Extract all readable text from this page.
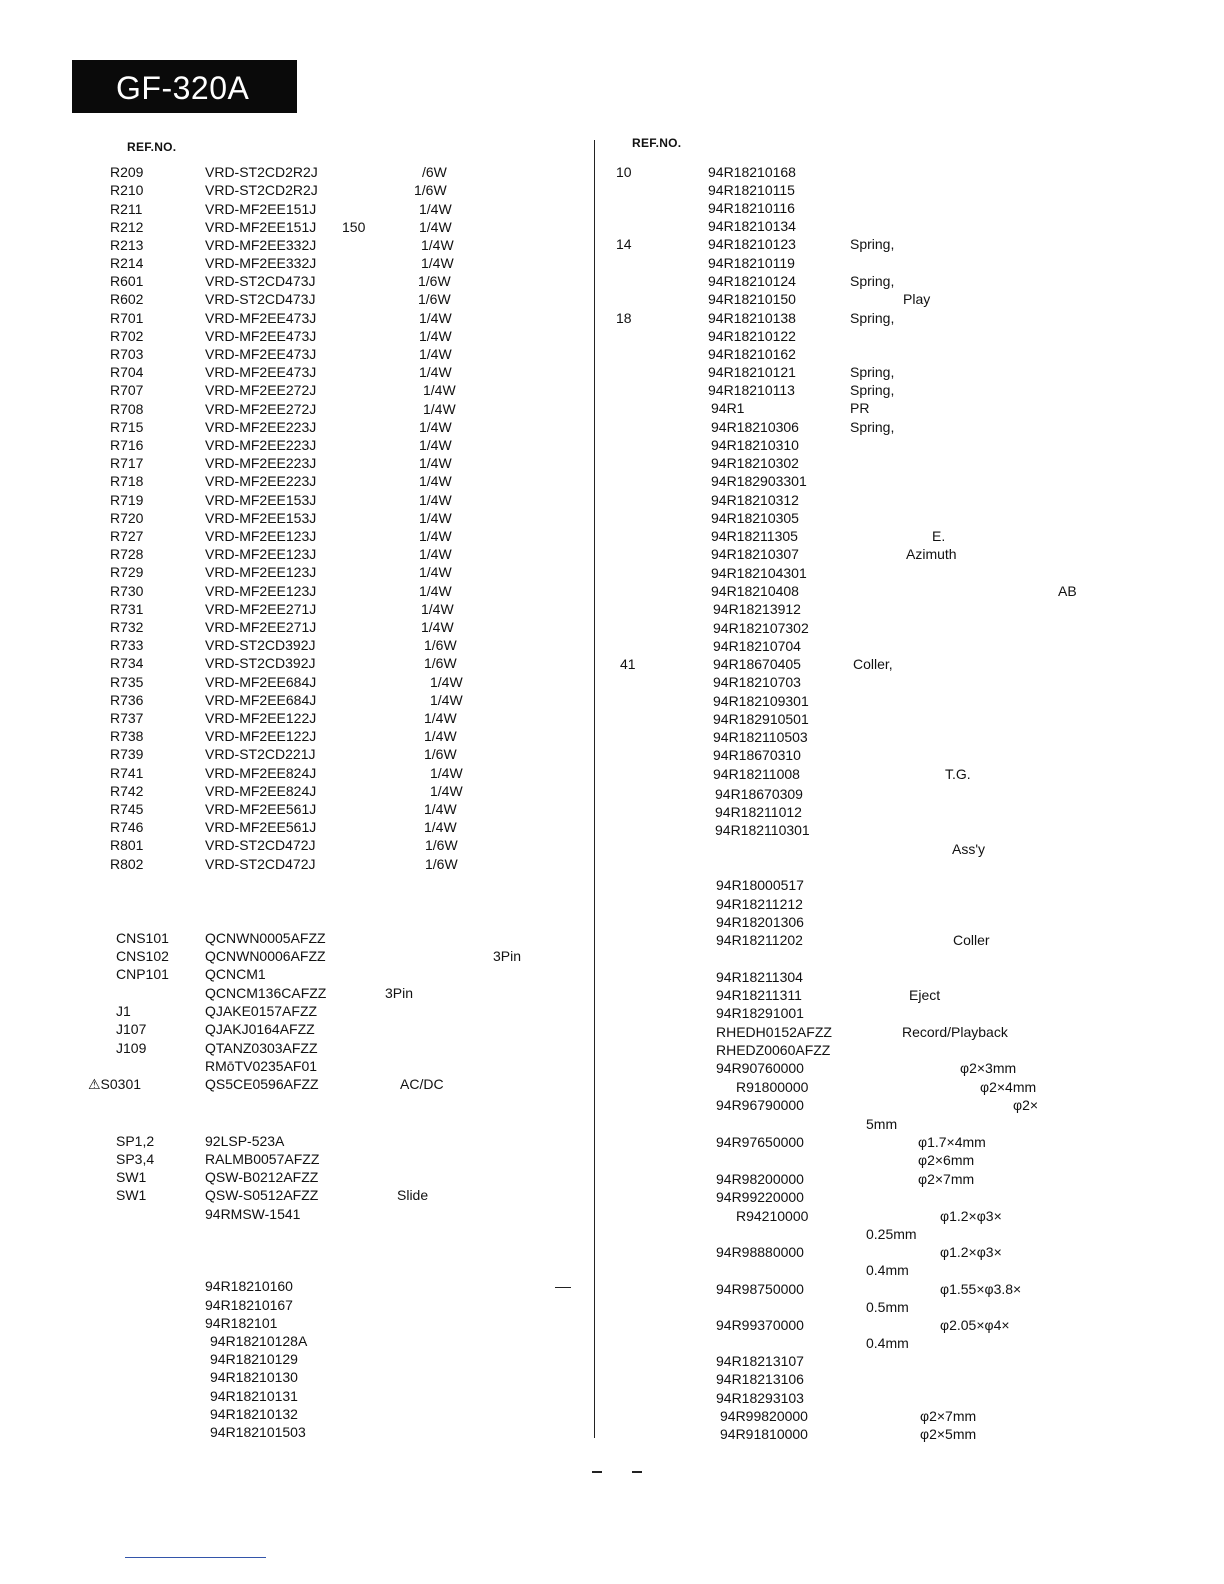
GF-320A
REF.NO.	REF.NO.
R209	VRD-ST2CD2R2J	/6W
R210	VRD-ST2CD2R2J	1/6W
R211	VRD-MF2EE151J	1/4W
R212	VRD-MF2EE151J 150	1/4W
R213	VRD-MF2EE332J	1/4W
R214	VRD-MF2EE332J	1/4W
R601	VRD-ST2CD473J	1/6W
R602	VRD-ST2CD473J	1/6W
R701	VRD-MF2EE473J	1/4W
R702	VRD-MF2EE473J	1/4W
R703	VRD-MF2EE473J	1/4W
R704	VRD-MF2EE473J	1/4W
R707	VRD-MF2EE272J	1/4W
R708	VRD-MF2EE272J	1/4W
R715	VRD-MF2EE223J	1/4W
R716	VRD-MF2EE223J	1/4W
R717	VRD-MF2EE223J	1/4W
R718	VRD-MF2EE223J	1/4W
R719	VRD-MF2EE153J	1/4W
R720	VRD-MF2EE153J	1/4W
R727	VRD-MF2EE123J	1/4W
R728	VRD-MF2EE123J	1/4W
R729	VRD-MF2EE123J	1/4W
R730	VRD-MF2EE123J	1/4W
R731	VRD-MF2EE271J	1/4W
R732	VRD-MF2EE271J	1/4W
R733	VRD-ST2CD392J	1/6W
R734	VRD-ST2CD392J	1/6W
R735	VRD-MF2EE684J	1/4W
R736	VRD-MF2EE684J	1/4W
R737	VRD-MF2EE122J	1/4W
R738	VRD-MF2EE122J	1/4W
R739	VRD-ST2CD221J	1/6W
R741	VRD-MF2EE824J	1/4W
R742	VRD-MF2EE824J	1/4W
R745	VRD-MF2EE561J	1/4W
R746	VRD-MF2EE561J	1/4W
R801	VRD-ST2CD472J	1/6W
R802	VRD-ST2CD472J	1/6W
CNS101	QCNWN0005AFZZ
CNS102	QCNWN0006AFZZ	3Pin
CNP101	QCNCM1
QCNCM136CAFZZ	3Pin
J1	QJAKE0157AFZZ
J107	QJAKJ0164AFZZ
J109	QTANZ0303AFZZ
RMōTV0235AF01
⚠S0301	QS5CE0596AFZZ	AC/DC
SP1,2	92LSP-523A
SP3,4	RALMB0057AFZZ
SW1	QSW-B0212AFZZ
SW1	QSW-S0512AFZZ	Slide
94RMSW-1541
94R18210160
94R18210167
94R182101
94R18210128A
94R18210129
94R18210130
94R18210131
94R18210132
94R182101503
10	94R18210168
94R18210115
94R18210116
94R18210134
14	94R18210123	Spring,
94R18210119
94R18210124	Spring,
94R18210150	Play
18	94R18210138	Spring,
94R18210122
94R18210162
94R18210121	Spring,
94R18210113	Spring,
94R1	PR
94R18210306	Spring,
94R18210310
94R18210302
94R182903301
94R18210312
94R18210305
94R18211305	E.
94R18210307	Azimuth
94R182104301
94R18210408	AB
94R18213912
94R182107302
94R18210704
41	94R18670405	Coller,
94R18210703
94R182109301
94R182910501
94R182110503
94R18670310
94R18211008	T.G.
94R18670309
94R18211012
94R182110301
Ass'y
94R18000517
94R18211212
94R18201306
94R18211202	Coller
94R18211304
94R18211311	Eject
94R18291001
RHEDH0152AFZZ	Record/Playback
RHEDZ0060AFZZ
94R90760000	φ2×3mm
R91800000	φ2×4mm
94R96790000	φ2×
5mm
94R97650000	φ1.7×4mm
φ2×6mm
94R98200000	φ2×7mm
94R99220000
R94210000	φ1.2×φ3×
0.25mm
94R98880000	φ1.2×φ3×
0.4mm
94R98750000	φ1.55×φ3.8×
0.5mm
94R99370000	φ2.05×φ4×
0.4mm
94R18213107
94R18213106
94R18293103
94R99820000	φ2×7mm
94R91810000	φ2×5mm
